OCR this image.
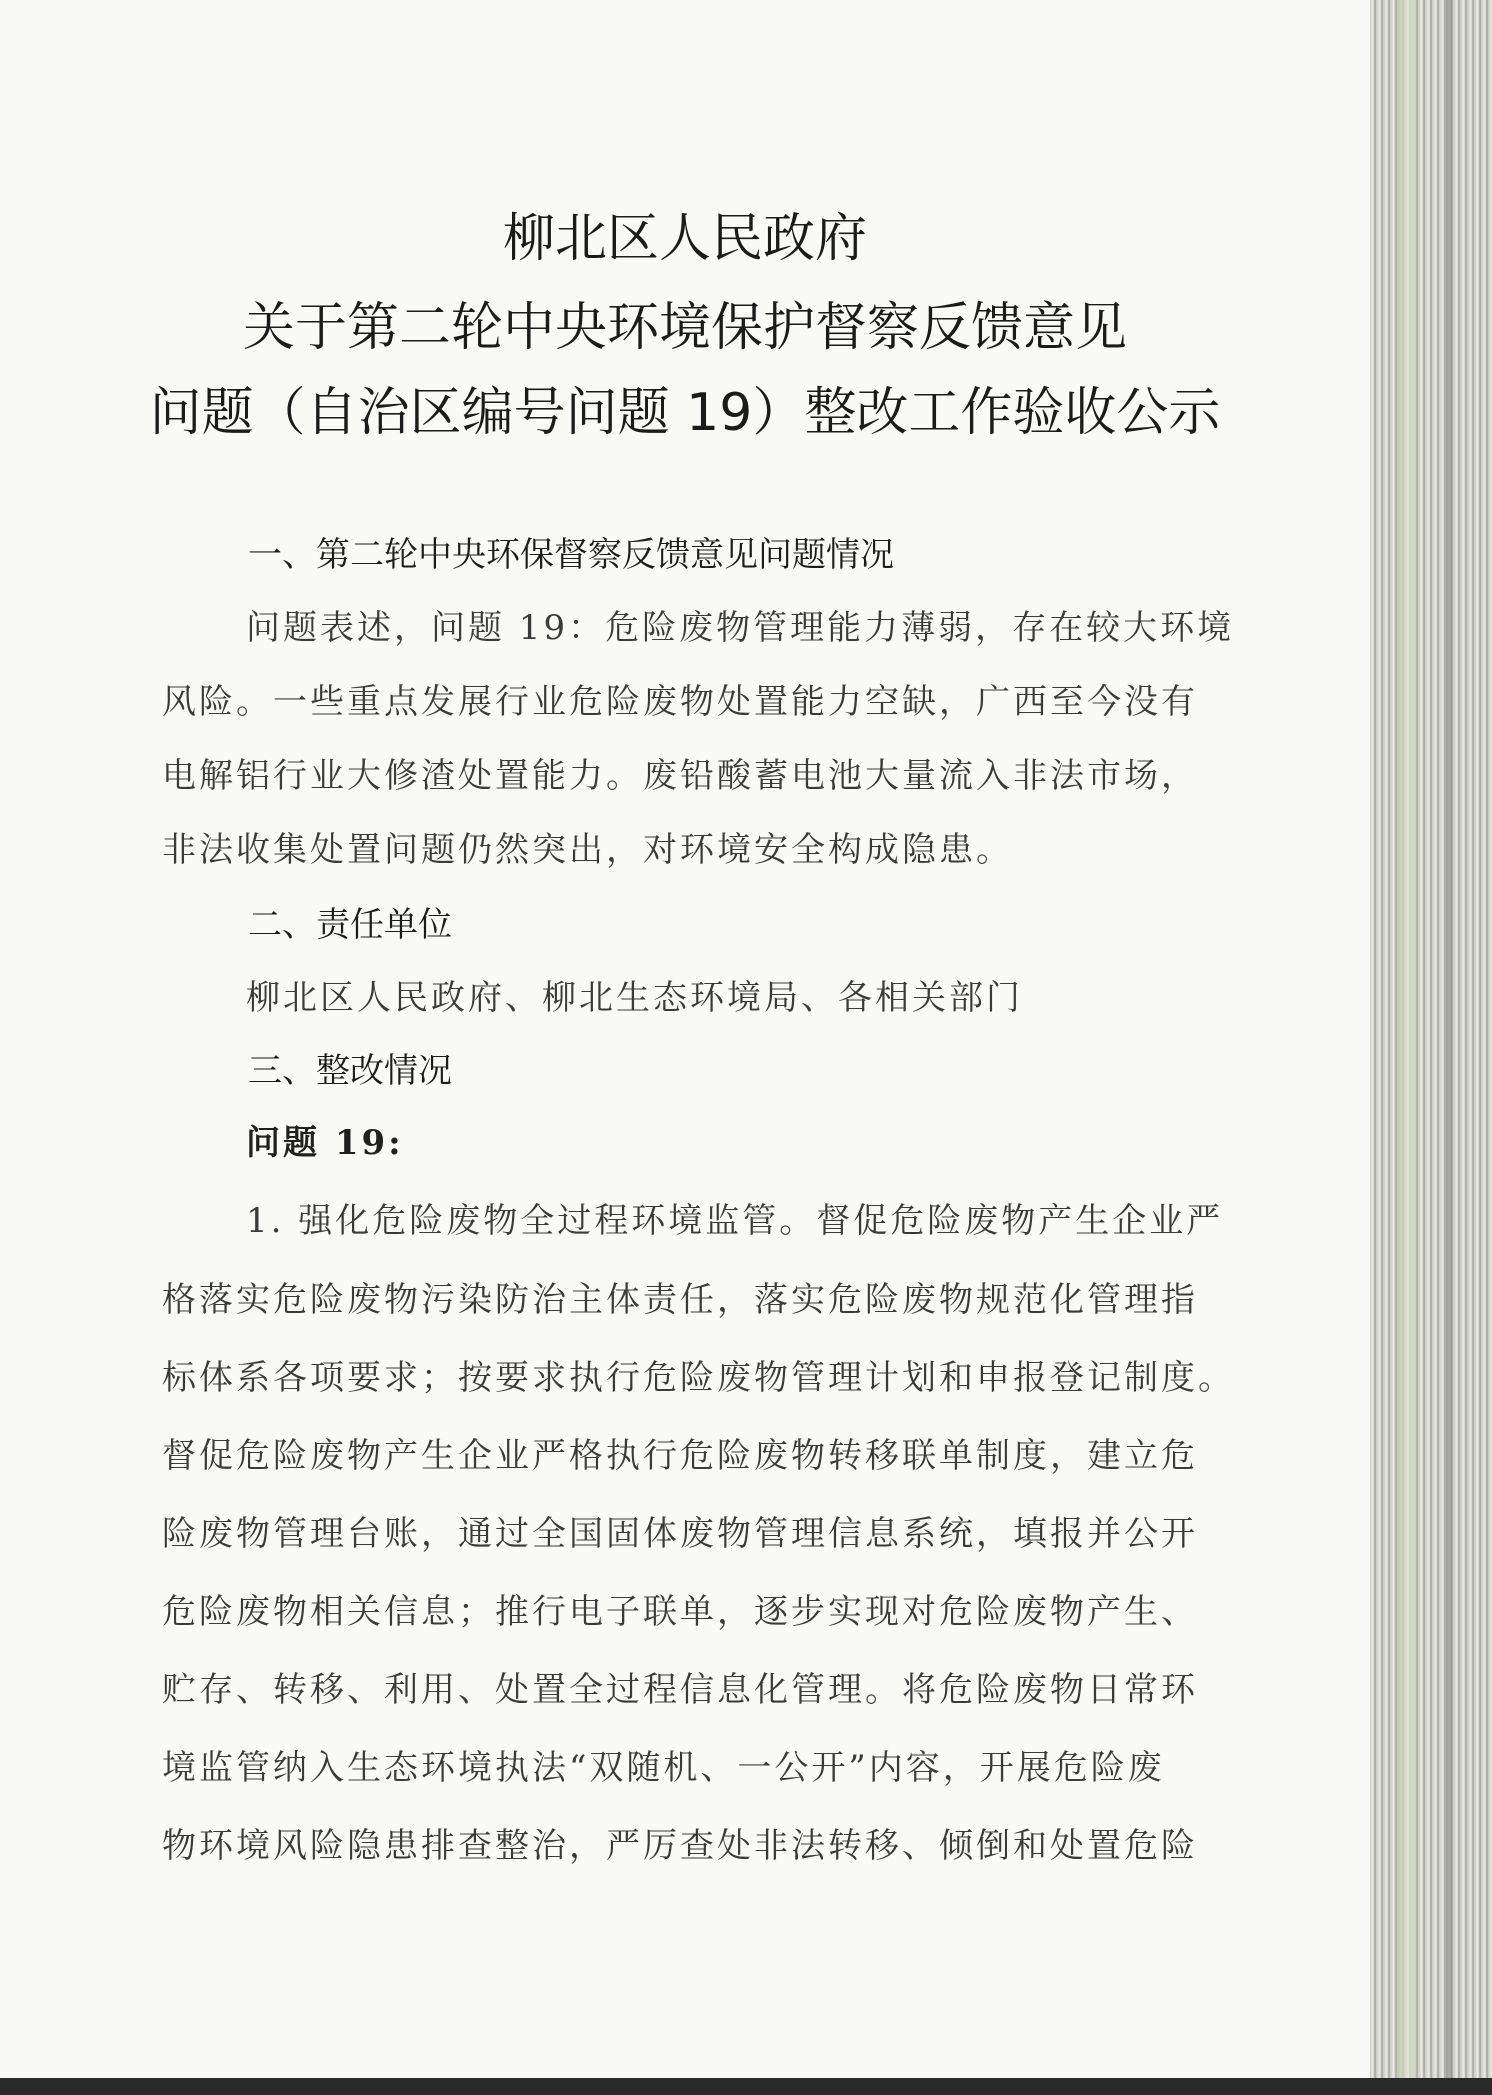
柳北区人民政府
关于第二轮中央环境保护督察反馈意见
问题（自治区编号问题 19）整改工作验收公示
一、第二轮中央环保督察反馈意见问题情况
问题表述，问题 19：危险废物管理能力薄弱，存在较大环境
风险。一些重点发展行业危险废物处置能力空缺，广西至今没有
电解铝行业大修渣处置能力。废铅酸蓄电池大量流入非法市场，
非法收集处置问题仍然突出，对环境安全构成隐患。
二、责任单位
柳北区人民政府、柳北生态环境局、各相关部门
三、整改情况
问题 19:
1. 强化危险废物全过程环境监管。督促危险废物产生企业严
格落实危险废物污染防治主体责任，落实危险废物规范化管理指
标体系各项要求；按要求执行危险废物管理计划和申报登记制度。
督促危险废物产生企业严格执行危险废物转移联单制度，建立危
险废物管理台账，通过全国固体废物管理信息系统，填报并公开
危险废物相关信息；推行电子联单，逐步实现对危险废物产生、
贮存、转移、利用、处置全过程信息化管理。将危险废物日常环
境监管纳入生态环境执法“双随机、一公开”内容，开展危险废
物环境风险隐患排查整治，严厉查处非法转移、倾倒和处置危险
